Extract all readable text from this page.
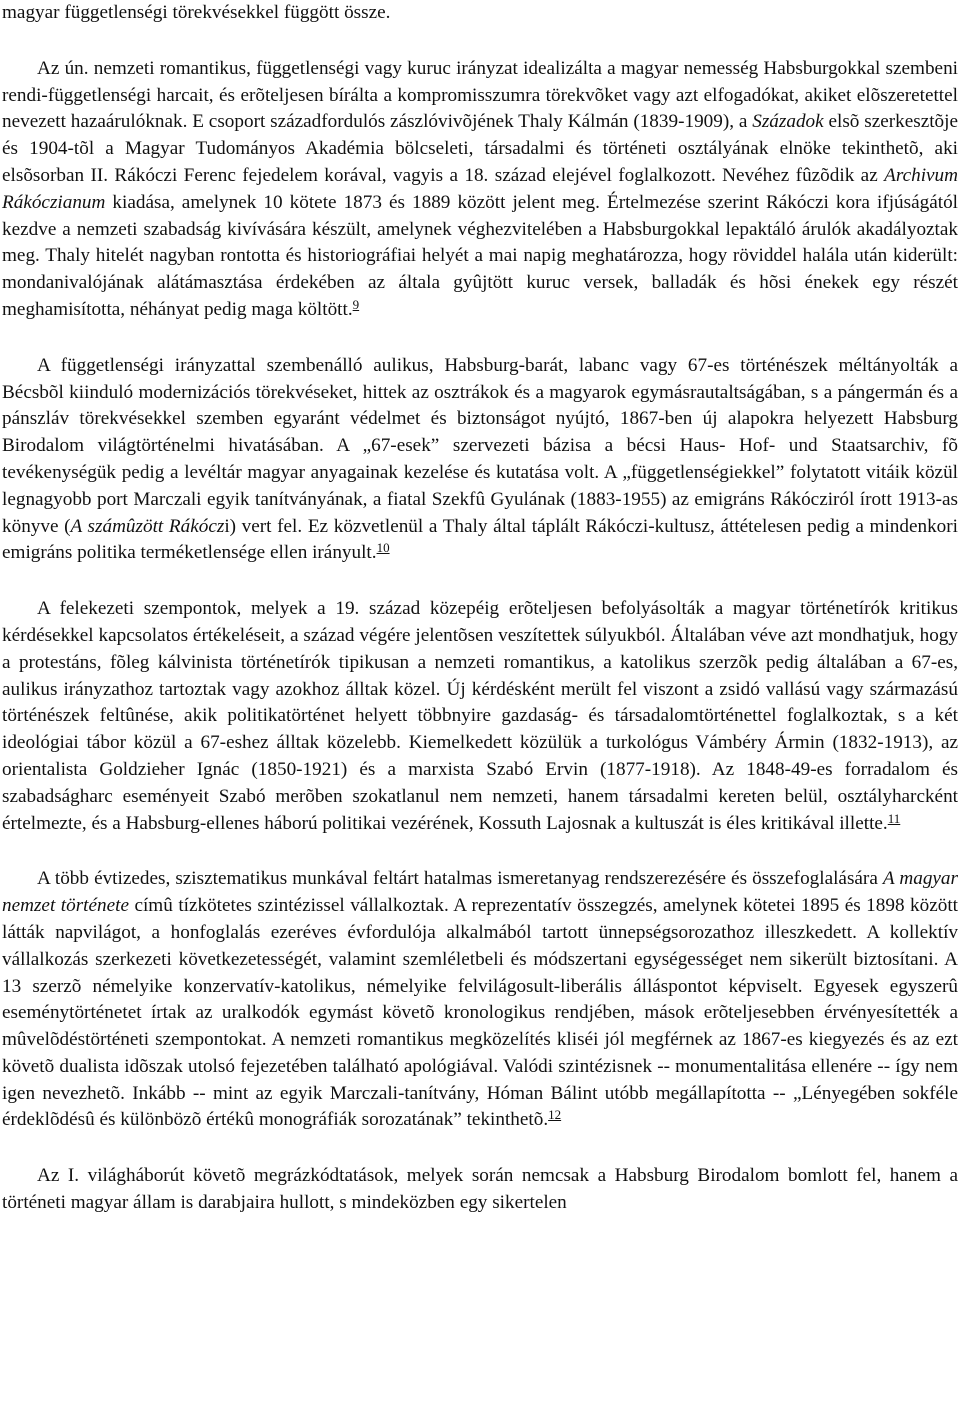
magyar függetlenségi törekvésekkel függött össze.

Az ún. nemzeti romantikus, függetlenségi vagy kuruc irányzat idealizálta a magyar nemesség Habsburgokkal szembeni rendi-függetlenségi harcait, és erõteljesen bírálta a kompromisszumra törekvõket vagy azt elfogadókat, akiket elõszeretettel nevezett hazaárulóknak. E csoport századfordulós zászlóvivõjének Thaly Kálmán (1839-1909), a Századok elsõ szerkesztõje és 1904-tõl a Magyar Tudományos Akadémia bölcseleti, társadalmi és történeti osztályának elnöke tekinthetõ, aki elsõsorban II. Rákóczi Ferenc fejedelem korával, vagyis a 18. század elejével foglalkozott. Nevéhez fûzõdik az Archivum Rákóczianum kiadása, amelynek 10 kötete 1873 és 1889 között jelent meg. Értelmezése szerint Rákóczi kora ifjúságától kezdve a nemzeti szabadság kivívására készült, amelynek véghezvitelében a Habsburgokkal lepaktáló árulók akadályoztak meg. Thaly hitelét nagyban rontotta és historiográfiai helyét a mai napig meghatározza, hogy röviddel halála után kiderült: mondanivalójának alátámasztása érdekében az általa gyûjtött kuruc versek, balladák és hõsi énekek egy részét meghamisította, néhányat pedig maga költött.$^9$

A függetlenségi irányzattal szembenálló aulikus, Habsburg-barát, labanc vagy 67-es történészek méltányolták a Bécsbõl kiinduló modernizációs törekvéseket, hittek az osztrákok és a magyarok egymásrautaltságában, s a pángermán és a pánszláv törekvésekkel szemben egyaránt védelmet és biztonságot nyújtó, 1867-ben új alapokra helyezett Habsburg Birodalom világtörténelmi hivatásában. A „67-esek” szervezeti bázisa a bécsi Haus- Hof- und Staatsarchiv, fõ tevékenységük pedig a levéltár magyar anyagainak kezelése és kutatása volt. A „függetlenségiekkel” folytatott vitáik közül legnagyobb port Marczali egyik tanítványának, a fiatal Szekfû Gyulának (1883-1955) az emigráns Rákócziról írott 1913-as könyve (A számûzött Rákóczi) vert fel. Ez közvetlenül a Thaly által táplált Rákóczi-kultusz, áttételesen pedig a mindenkori emigráns politika terméketlensége ellen irányult.$^{10}$

A felekezeti szempontok, melyek a 19. század közepéig erõteljesen befolyásolták a magyar történetírók kritikus kérdésekkel kapcsolatos értékeléseit, a század végére jelentõsen veszítettek súlyukból. Általában véve azt mondhatjuk, hogy a protestáns, fõleg kálvinista történetírók tipikusan a nemzeti romantikus, a katolikus szerzõk pedig általában a 67-es, aulikus irányzathoz tartoztak vagy azokhoz álltak közel. Új kérdésként merült fel viszont a zsidó vallású vagy származású történészek feltûnése, akik politikatörténet helyett többnyire gazdaság- és társadalomtörténettel foglalkoztak, s a két ideológiai tábor közül a 67-eshez álltak közelebb. Kiemelkedett közülük a turkológus Vámbéry Ármin (1832-1913), az orientalista Goldzieher Ignác (1850-1921) és a marxista Szabó Ervin (1877-1918). Az 1848-49-es forradalom és szabadságharc eseményeit Szabó merõben szokatlanul nem nemzeti, hanem társadalmi kereten belül, osztályharcként értelmezte, és a Habsburg-ellenes háború politikai vezérének, Kossuth Lajosnak a kultuszát is éles kritikával illette.$^{11}$

A több évtizedes, szisztematikus munkával feltárt hatalmas ismeretanyag rendszerezésére és összefoglalására A magyar nemzet története címû tízkötetes szintézissel vállalkoztak. A reprezentatív összegzés, amelynek kötetei 1895 és 1898 között látták napvilágot, a honfoglalás ezeréves évfordulója alkalmából tartott ünnepségsorozathoz illeszkedett. A kollektív vállalkozás szerkezeti következetességét, valamint szemléletbeli és módszertani egységességet nem sikerült biztosítani. A 13 szerzõ némelyike konzervatív-katolikus, némelyike felvilágosult-liberális álláspontot képviselt. Egyesek egyszerû eseménytörténetet írtak az uralkodók egymást követõ kronologikus rendjében, mások erõteljesebben érvényesítették a mûvelõdéstörténeti szempontokat. A nemzeti romantikus megközelítés kliséi jól megférnek az 1867-es kiegyezés és az ezt követõ dualista idõszak utolsó fejezetében található apológiával. Valódi szintézisnek -- monumentalitása ellenére -- így nem igen nevezhetõ. Inkább -- mint az egyik Marczali-tanítvány, Hóman Bálint utóbb megállapította -- „Lényegében sokféle érdeklõdésû és különbözõ értékû monográfiák sorozatának” tekinthetõ.$^{12}$

Az I. világháborút követõ megrázkódtatások, melyek során nemcsak a Habsburg Birodalom bomlott fel, hanem a történeti magyar állam is darabjaira hullott, s mindeközben egy sikertelen
